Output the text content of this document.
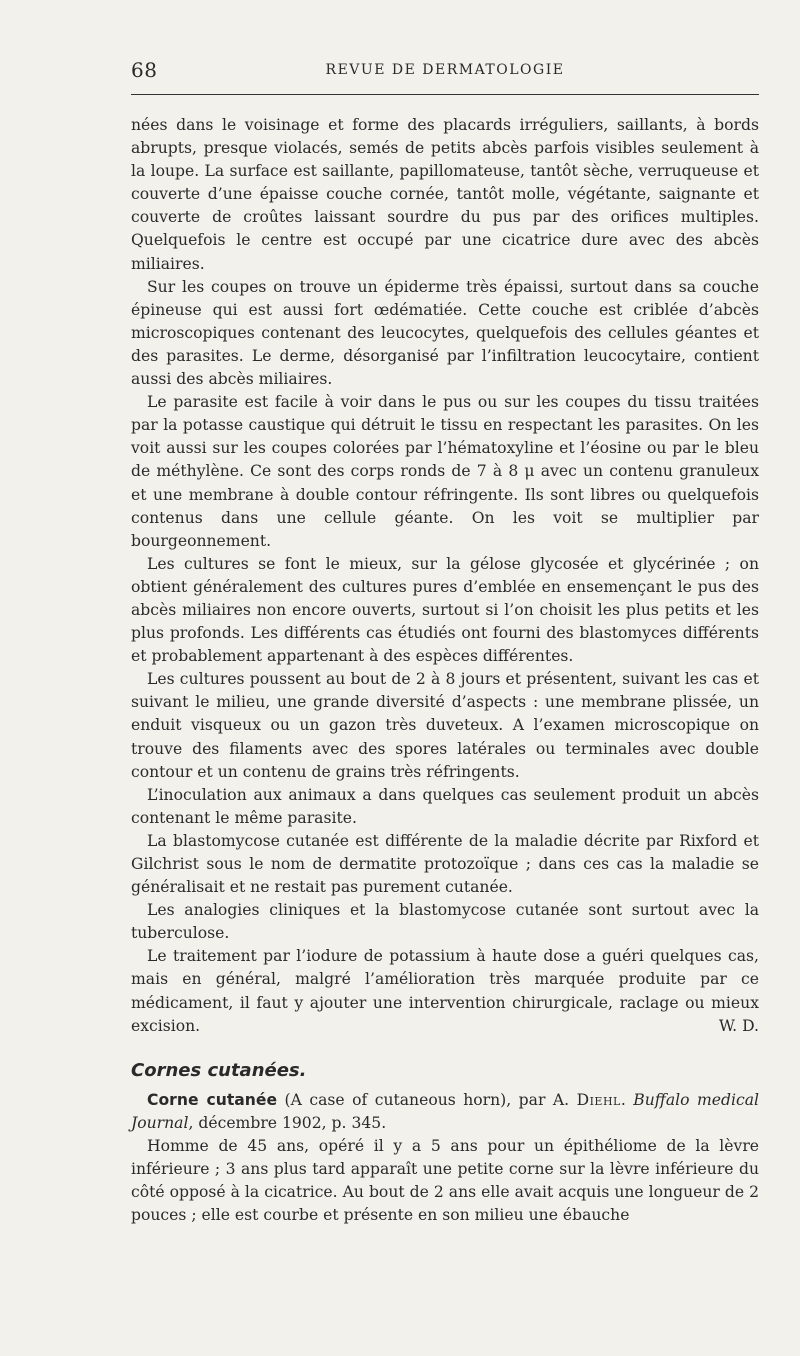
68	REVUE DE DERMATOLOGIE

nées dans le voisinage et forme des placards irréguliers, saillants, à bords abrupts, presque violacés, semés de petits abcès parfois visibles seulement à la loupe. La surface est saillante, papillomateuse, tantôt sèche, verruqueuse et couverte d’une épaisse couche cornée, tantôt molle, végétante, saignante et couverte de croûtes laissant sourdre du pus par des orifices multiples. Quelquefois le centre est occupé par une cicatrice dure avec des abcès miliaires.

Sur les coupes on trouve un épiderme très épaissi, surtout dans sa couche épineuse qui est aussi fort œdématiée. Cette couche est criblée d’abcès microscopiques contenant des leucocytes, quelquefois des cellules géantes et des parasites. Le derme, désorganisé par l’infiltration leucocytaire, contient aussi des abcès miliaires.

Le parasite est facile à voir dans le pus ou sur les coupes du tissu traitées par la potasse caustique qui détruit le tissu en respectant les parasites. On les voit aussi sur les coupes colorées par l’hématoxyline et l’éosine ou par le bleu de méthylène. Ce sont des corps ronds de 7 à 8 μ avec un contenu granuleux et une membrane à double contour réfringente. Ils sont libres ou quelquefois contenus dans une cellule géante. On les voit se multiplier par bourgeonnement.

Les cultures se font le mieux, sur la gélose glycosée et glycérinée ; on obtient généralement des cultures pures d’emblée en ensemençant le pus des abcès miliaires non encore ouverts, surtout si l’on choisit les plus petits et les plus profonds. Les différents cas étudiés ont fourni des blastomyces différents et probablement appartenant à des espèces différentes.

Les cultures poussent au bout de 2 à 8 jours et présentent, suivant les cas et suivant le milieu, une grande diversité d’aspects : une membrane plissée, un enduit visqueux ou un gazon très duveteux. A l’examen microscopique on trouve des filaments avec des spores latérales ou terminales avec double contour et un contenu de grains très réfringents.

L’inoculation aux animaux a dans quelques cas seulement produit un abcès contenant le même parasite.

La blastomycose cutanée est différente de la maladie décrite par Rixford et Gilchrist sous le nom de dermatite protozoïque ; dans ces cas la maladie se généralisait et ne restait pas purement cutanée.

Les analogies cliniques et la blastomycose cutanée sont surtout avec la tuberculose.

Le traitement par l’iodure de potassium à haute dose a guéri quelques cas, mais en général, malgré l’amélioration très marquée produite par ce médicament, il faut y ajouter une intervention chirurgicale, raclage ou mieux excision.	W. D.

Cornes cutanées.

Corne cutanée (A case of cutaneous horn), par A. Diehl. Buffalo medical Journal, décembre 1902, p. 345.

Homme de 45 ans, opéré il y a 5 ans pour un épithéliome de la lèvre inférieure ; 3 ans plus tard apparaît une petite corne sur la lèvre inférieure du côté opposé à la cicatrice. Au bout de 2 ans elle avait acquis une longueur de 2 pouces ; elle est courbe et présente en son milieu une ébauche
